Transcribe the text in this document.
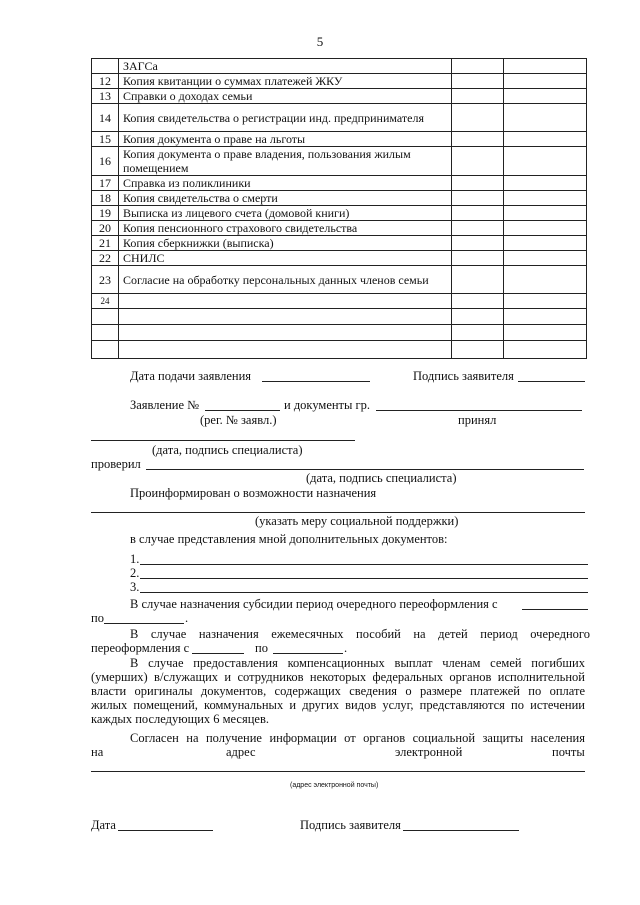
5
	ЗАГСа		
12	Копия квитанции о суммах платежей ЖКУ		
13	Справки о доходах семьи		
14	Копия свидетельства о регистрации инд. предпринимателя		
15	Копия документа о праве на льготы		
16	Копия документа о праве владения, пользования жилым помещением		
17	Справка из поликлиники		
18	Копия свидетельства о смерти		
19	Выписка из лицевого счета (домовой книги)		
20	Копия пенсионного страхового свидетельства		
21	Копия сберкнижки (выписка)		
22	СНИЛС		
23	Согласие на обработку персональных данных членов семьи		
24			

Дата подачи заявления	Подпись заявителя
Заявление №	и документы гр.
(рег. № заявл.)	принял
(дата, подпись специалиста)
проверил
(дата, подпись специалиста)
Проинформирован о возможности назначения
(указать меру социальной поддержки)
в случае представления мной дополнительных документов:
1.
2.
3.
В случае назначения субсидии период очередного переоформления с
по	.
В случае назначения ежемесячных пособий на детей период очередного
переоформления с	по	.
В случае предоставления компенсационных выплат членам семей погибших
(умерших) в/служащих и сотрудников некоторых федеральных органов исполнительной
власти оригиналы документов, содержащих сведения о размере платежей по оплате
жилых помещений, коммунальных и других видов услуг, представляются по истечении
каждых последующих 6 месяцев.
Согласен на получение информации от органов социальной защиты населения
на	адрес	электронной	почты
(адрес электронной почты)
Дата	Подпись заявителя
